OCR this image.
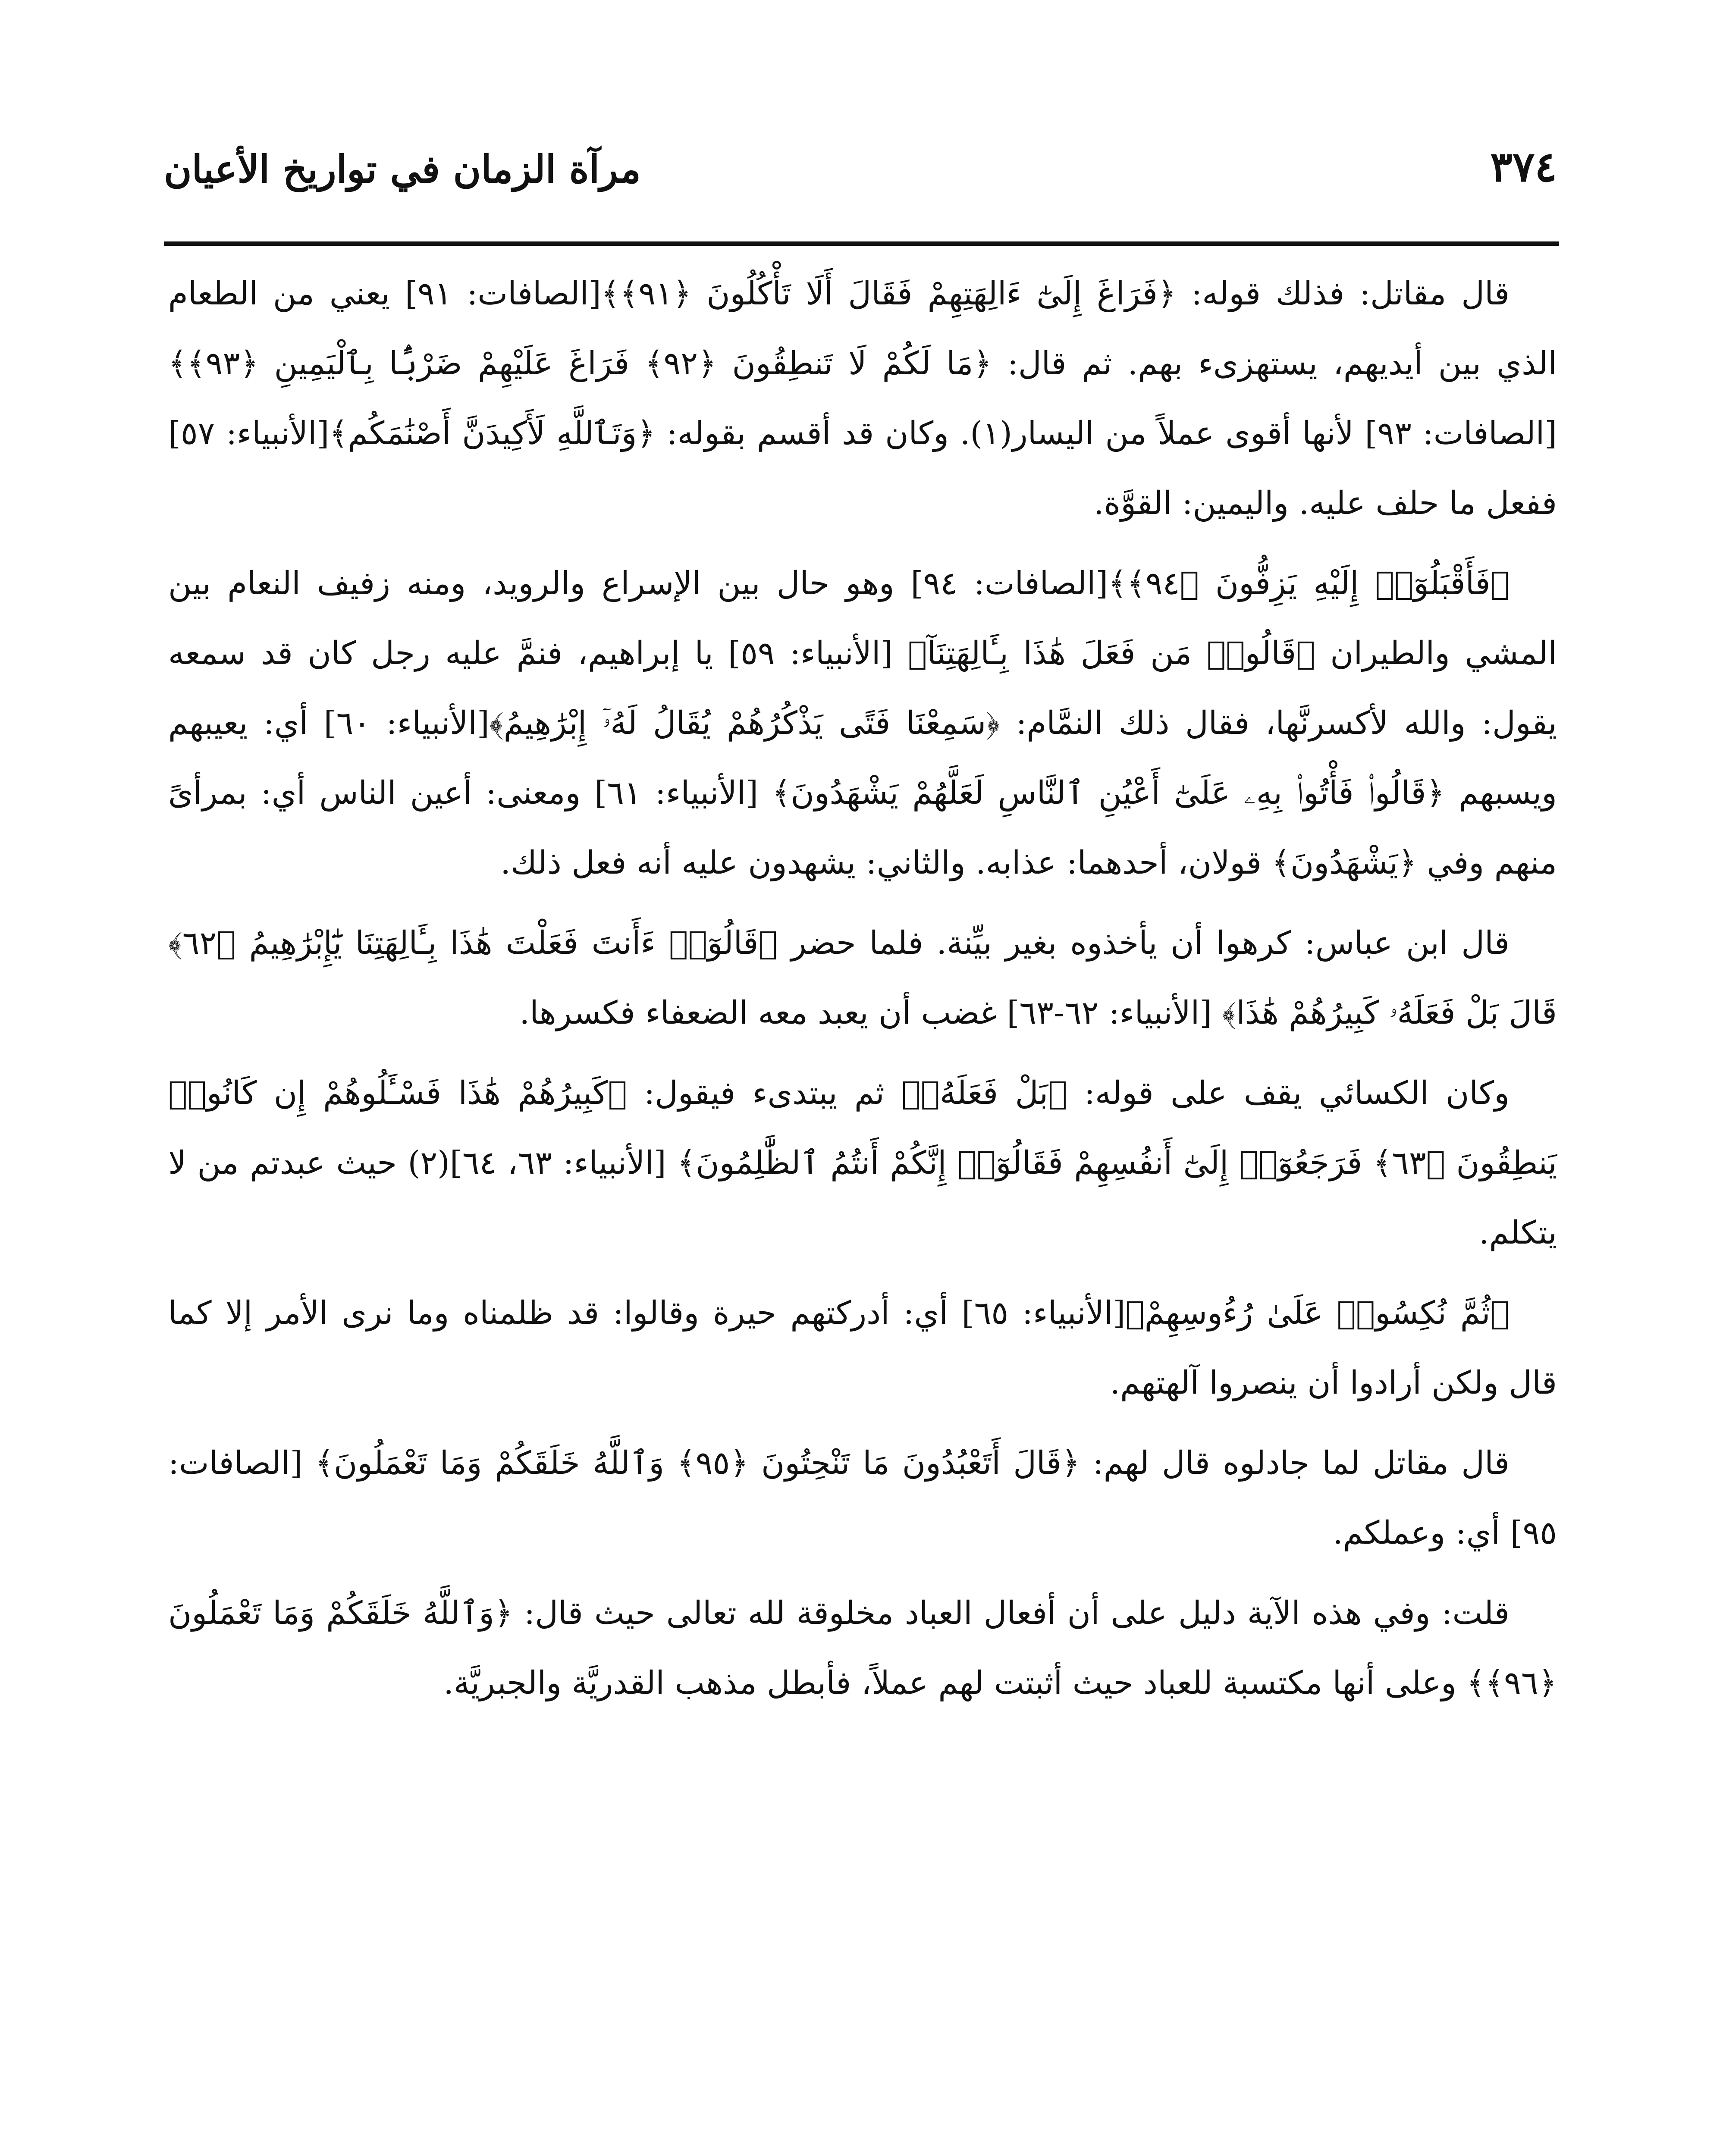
٣٧٤
مرآة الزمان في تواريخ الأعيان

قال مقاتل: فذلك قوله: ﴿فَرَاغَ إِلَىٰٓ ءَالِهَتِهِمْ فَقَالَ أَلَا تَأْكُلُونَ ﴿٩١﴾﴾[الصافات: ٩١] يعني من الطعام الذي بين أيديهم، يستهزىء بهم. ثم قال: ﴿مَا لَكُمْ لَا تَنطِقُونَ ﴿٩٢﴾ فَرَاغَ عَلَيْهِمْ ضَرْبًۢا بِٱلْيَمِينِ ﴿٩٣﴾﴾[الصافات: ٩٣] لأنها أقوى عملاً من اليسار(١). وكان قد أقسم بقوله: ﴿وَتَٱللَّهِ لَأَكِيدَنَّ أَصْنَٰمَكُم﴾[الأنبياء: ٥٧] ففعل ما حلف عليه. واليمين: القوَّة.

﴿فَأَقْبَلُوٓا۟ إِلَيْهِ يَزِفُّونَ ﴿٩٤﴾﴾[الصافات: ٩٤] وهو حال بين الإسراع والرويد، ومنه زفيف النعام بين المشي والطيران ﴿قَالُوا۟ مَن فَعَلَ هَٰذَا بِـَٔالِهَتِنَآ﴾ [الأنبياء: ٥٩] يا إبراهيم، فنمَّ عليه رجل كان قد سمعه يقول: والله لأكسرنَّها، فقال ذلك النمَّام: ﴿سَمِعْنَا فَتًى يَذْكُرُهُمْ يُقَالُ لَهُۥٓ إِبْرَٰهِيمُ﴾[الأنبياء: ٦٠] أي: يعيبهم ويسبهم ﴿قَالُوا۟ فَأْتُوا۟ بِهِۦ عَلَىٰٓ أَعْيُنِ ٱلنَّاسِ لَعَلَّهُمْ يَشْهَدُونَ﴾ [الأنبياء: ٦١] ومعنى: أعين الناس أي: بمرأىً منهم وفي ﴿يَشْهَدُونَ﴾ قولان، أحدهما: عذابه. والثاني: يشهدون عليه أنه فعل ذلك.

قال ابن عباس: كرهوا أن يأخذوه بغير بيِّنة. فلما حضر ﴿قَالُوٓا۟ ءَأَنتَ فَعَلْتَ هَٰذَا بِـَٔالِهَتِنَا يَٰٓإِبْرَٰهِيمُ ﴿٦٢﴾ قَالَ بَلْ فَعَلَهُۥ كَبِيرُهُمْ هَٰذَا﴾ [الأنبياء: ٦٢-٦٣] غضب أن يعبد معه الضعفاء فكسرها.

وكان الكسائي يقف على قوله: ﴿بَلْ فَعَلَهُۥ﴾ ثم يبتدىء فيقول: ﴿كَبِيرُهُمْ هَٰذَا فَسْـَٔلُوهُمْ إِن كَانُوا۟ يَنطِقُونَ ﴿٦٣﴾ فَرَجَعُوٓا۟ إِلَىٰٓ أَنفُسِهِمْ فَقَالُوٓا۟ إِنَّكُمْ أَنتُمُ ٱلظَّٰلِمُونَ﴾ [الأنبياء: ٦٣، ٦٤](٢) حيث عبدتم من لا يتكلم.

﴿ثُمَّ نُكِسُوا۟ عَلَىٰ رُءُوسِهِمْ﴾[الأنبياء: ٦٥] أي: أدركتهم حيرة وقالوا: قد ظلمناه وما نرى الأمر إلا كما قال ولكن أرادوا أن ينصروا آلهتهم.

قال مقاتل لما جادلوه قال لهم: ﴿قَالَ أَتَعْبُدُونَ مَا تَنْحِتُونَ ﴿٩٥﴾ وَٱللَّهُ خَلَقَكُمْ وَمَا تَعْمَلُونَ﴾ [الصافات: ٩٥] أي: وعملكم.

قلت: وفي هذه الآية دليل على أن أفعال العباد مخلوقة لله تعالى حيث قال: ﴿وَٱللَّهُ خَلَقَكُمْ وَمَا تَعْمَلُونَ ﴿٩٦﴾﴾ وعلى أنها مكتسبة للعباد حيث أثبتت لهم عملاً، فأبطل مذهب القدريَّة والجبريَّة.
